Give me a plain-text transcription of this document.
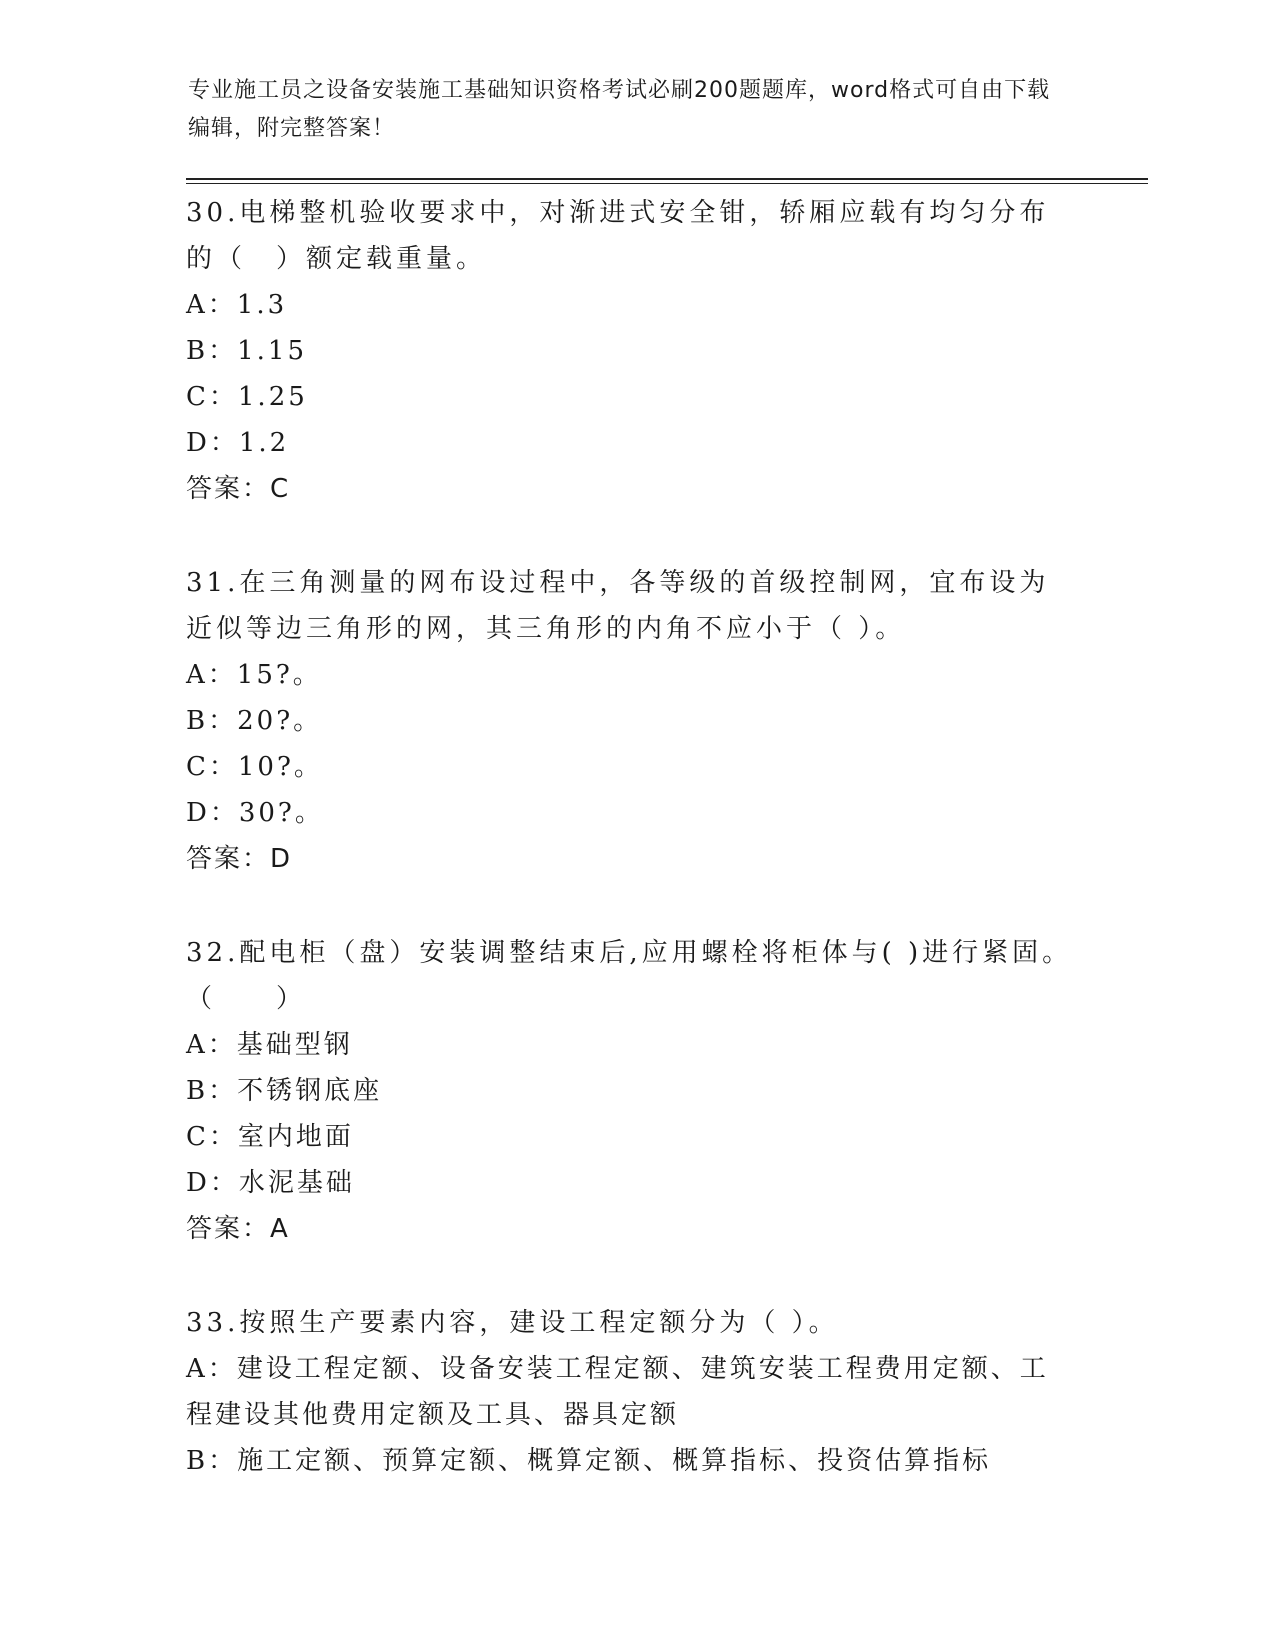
专业施工员之设备安装施工基础知识资格考试必刷200题题库，word格式可自由下载编辑，附完整答案！

30.电梯整机验收要求中，对渐进式安全钳，轿厢应载有均匀分布的（　）额定载重量。

A：1.3

B：1.15

C：1.25

D：1.2

答案：C

31.在三角测量的网布设过程中，各等级的首级控制网，宜布设为近似等边三角形的网，其三角形的内角不应小于（ ）。

A：15?。

B：20?。

C：10?。

D：30?。

答案：D

32.配电柜（盘）安装调整结束后,应用螺栓将柜体与( )进行紧固。（　　）

A：基础型钢

B：不锈钢底座

C：室内地面

D：水泥基础

答案：A

33.按照生产要素内容，建设工程定额分为（ ）。

A：建设工程定额、设备安装工程定额、建筑安装工程费用定额、工程建设其他费用定额及工具、器具定额

B：施工定额、预算定额、概算定额、概算指标、投资估算指标
